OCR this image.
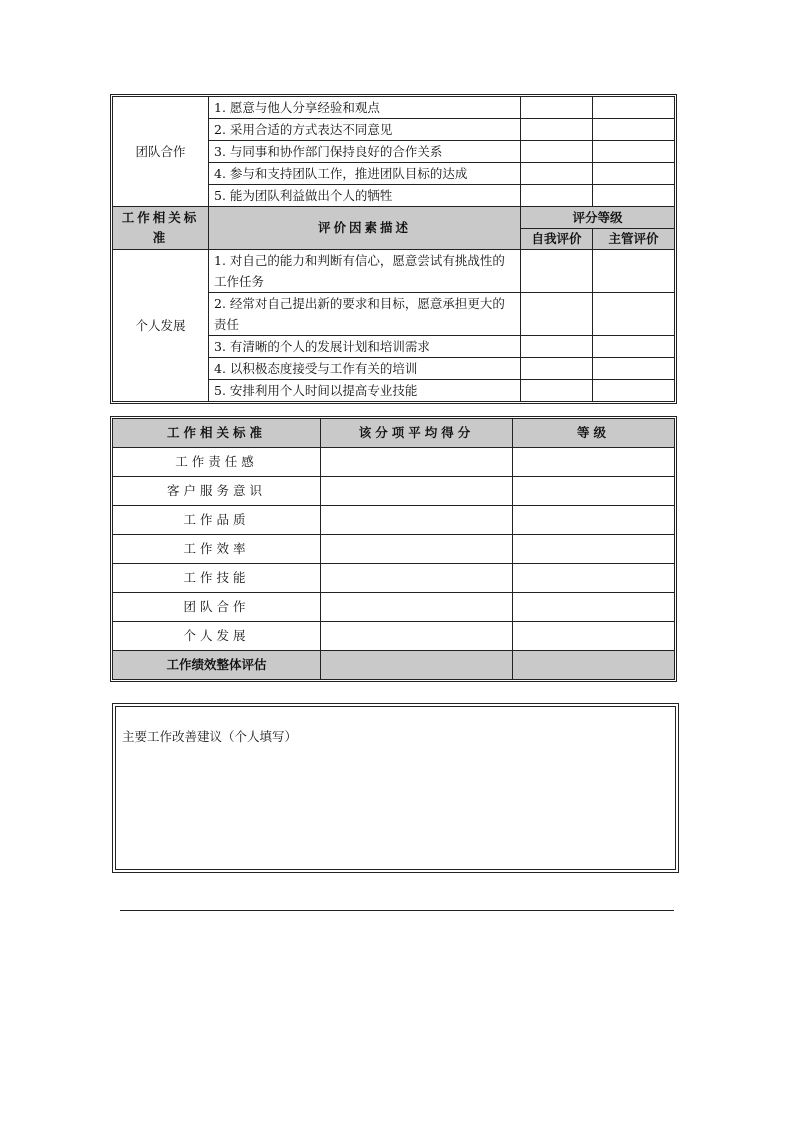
团队合作	1. 愿意与他人分享经验和观点		
	2. 采用合适的方式表达不同意见		
	3. 与同事和协作部门保持良好的合作关系		
	4. 参与和支持团队工作，推进团队目标的达成		
	5. 能为团队利益做出个人的牺牲		
工作相关标准	评价因素描述	评分等级	
		自我评价	主管评价
个人发展	1. 对自己的能力和判断有信心，愿意尝试有挑战性的工作任务		
	2. 经常对自己提出新的要求和目标，愿意承担更大的责任		
	3. 有清晰的个人的发展计划和培训需求		
	4. 以积极态度接受与工作有关的培训		
	5. 安排利用个人时间以提高专业技能		
工作相关标准	该分项平均得分	等级
工作责任感		
客户服务意识		
工作品质		
工作效率		
工作技能		
团队合作		
个人发展		
工作绩效整体评估		
主要工作改善建议（个人填写）
